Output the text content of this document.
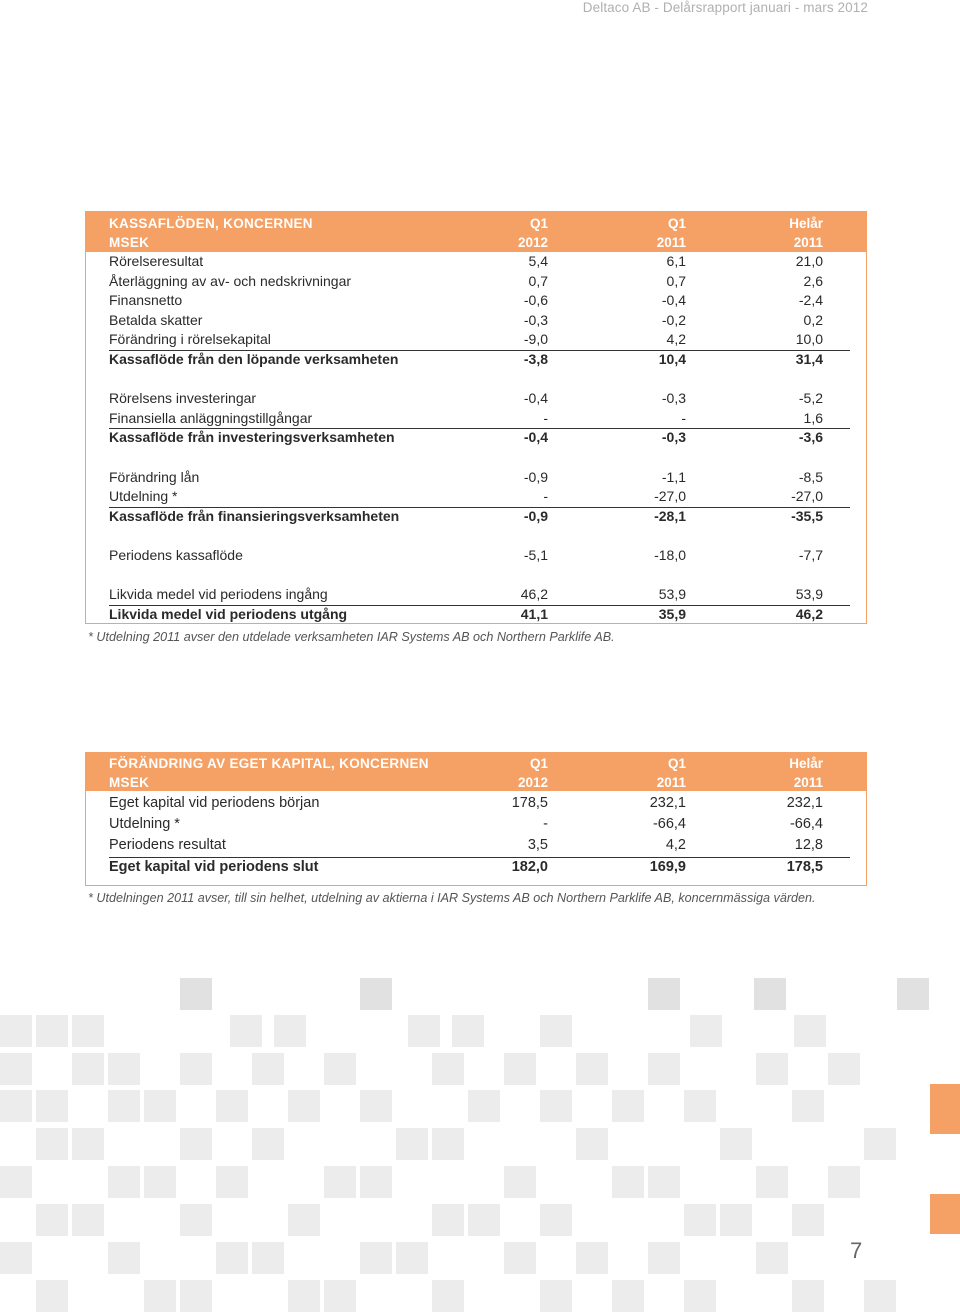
Deltaco AB - Delårsrapport januari - mars 2012
KASSAFLÖDEN, KONCERNEN	Q1	Q1	Helår
MSEK	2012	2011	2011
Rörelseresultat	5,4	6,1	21,0
Återläggning av av- och nedskrivningar	0,7	0,7	2,6
Finansnetto	-0,6	-0,4	-2,4
Betalda skatter	-0,3	-0,2	0,2
Förändring i rörelsekapital	-9,0	4,2	10,0
Kassaflöde från den löpande verksamheten	-3,8	10,4	31,4
Rörelsens investeringar	-0,4	-0,3	-5,2
Finansiella anläggningstillgångar	-	-	1,6
Kassaflöde från investeringsverksamheten	-0,4	-0,3	-3,6
Förändring lån	-0,9	-1,1	-8,5
Utdelning *	-	-27,0	-27,0
Kassaflöde från finansieringsverksamheten	-0,9	-28,1	-35,5
Periodens kassaflöde	-5,1	-18,0	-7,7
Likvida medel vid periodens ingång	46,2	53,9	53,9
Likvida medel vid periodens utgång	41,1	35,9	46,2
* Utdelning 2011 avser den utdelade verksamheten IAR Systems AB och Northern Parklife AB.
FÖRÄNDRING AV EGET KAPITAL, KONCERNEN	Q1	Q1	Helår
MSEK	2012	2011	2011
Eget kapital vid periodens början	178,5	232,1	232,1
Utdelning *	-	-66,4	-66,4
Periodens resultat	3,5	4,2	12,8
Eget kapital vid periodens slut	182,0	169,9	178,5
* Utdelningen 2011 avser, till sin helhet, utdelning av aktierna i IAR Systems AB och Northern Parklife AB, koncernmässiga värden.
7
